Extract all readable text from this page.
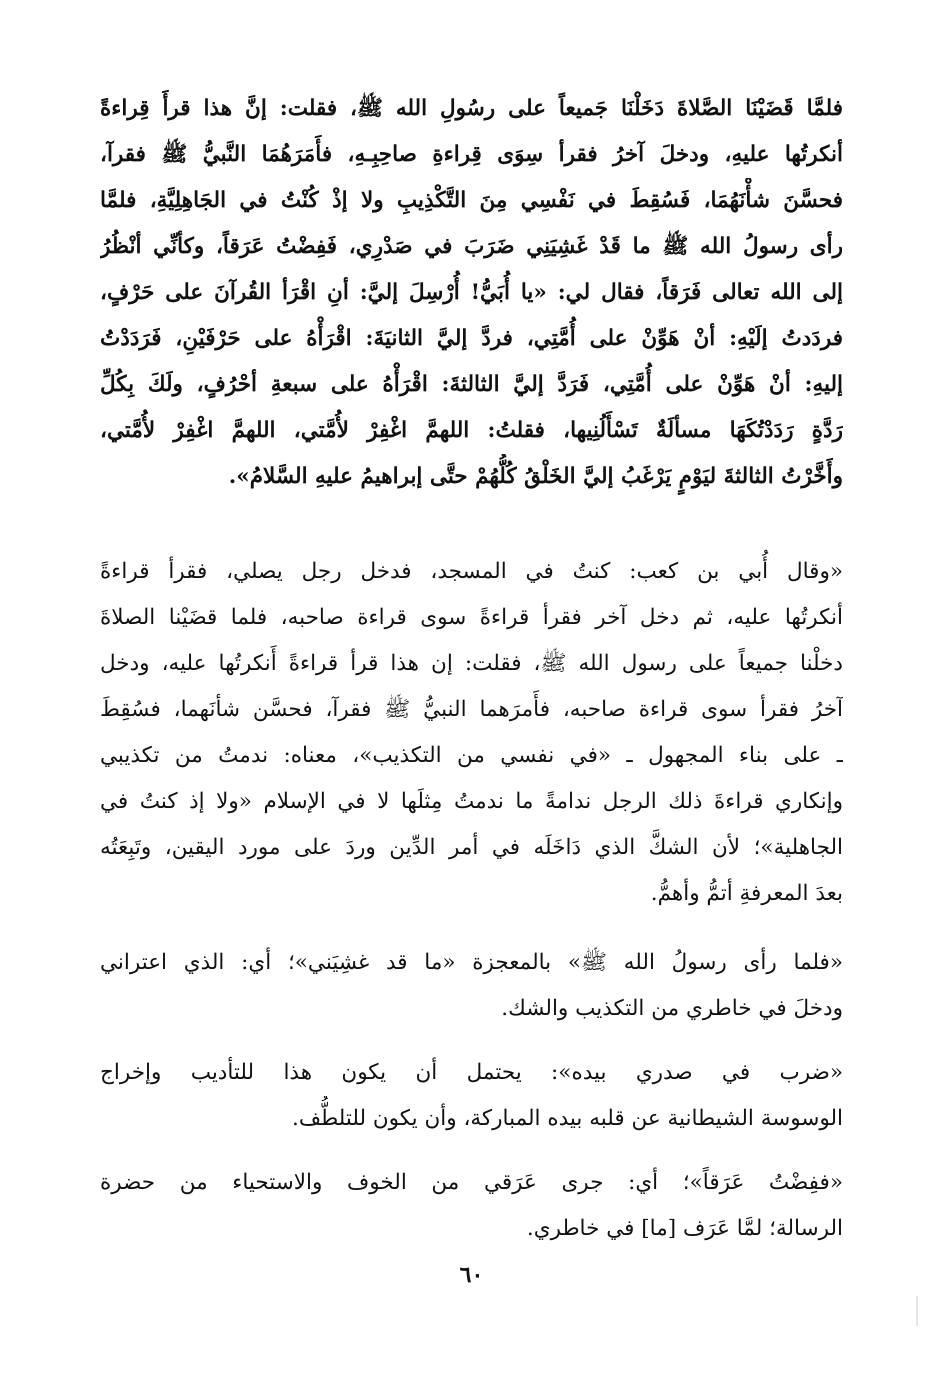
فلمَّا قَضَيْنَا الصَّلاةَ دَخَلْنَا جَميعاً على رسُولِ الله ﷺ، فقلت: إنَّ هذا قرأَ قِراءةً
أنكرتُها عليهِ، ودخلَ آخرُ فقرأ سِوَى قِراءةِ صاحِبِـهِ، فأَمَرَهُمَا النَّبيُّ ﷺ فقرآ،
فحسَّنَ شأْنَهُمَا، فَسُقِطَ في نَفْسِي مِنَ التَّكْذِيبِ ولا إذْ كُنْتُ في الجَاهِلِيَّةِ، فلمَّا
رأى رسولُ الله ﷺ ما قَدْ غَشِيَنِي ضَرَبَ في صَدْرِي، فَفِضْتُ عَرَقاً، وكأنِّي أنْظُرُ
إلى الله تعالى فَرَقاً، فقال لي: «يا أُبَيُّ! أُرْسِلَ إليَّ: أنِ اقْرَأ القُرآنَ على حَرْفٍ،
فردَدتُ إلَيْهِ: أنْ هَوِّنْ على أُمَّتِي، فردَّ إليَّ الثانيَةَ: اقْرَأْهُ على حَرْفَيْنِ، فَرَدَدْتُ
إليهِ: أنْ هَوِّنْ على أُمَّتِي، فَرَدَّ إليَّ الثالثةَ: اقْرَأْهُ على سبعةِ أحْرُفٍ، ولَكَ بِكُلِّ
رَدَّةٍ رَدَدْتُكَهَا مسألَةٌ تَسْأَلُنِيها، فقلتُ: اللهمَّ اغْفِرْ لأُمَّتي، اللهمَّ اغْفِرْ لأُمَّتي،
وأَخَّرْتُ الثالثةَ ليَوْمٍ يَرْغَبُ إليَّ الخَلْقُ كُلُّهُمْ حتَّى إبراهيمُ عليهِ السَّلامُ».
«وقال أُبي بن كعب: كنتُ في المسجد، فدخل رجل يصلي، فقرأ قراءةً
أنكرتُها عليه، ثم دخل آخر فقرأ قراءةً سوى قراءة صاحبه، فلما قضَيْنا الصلاةَ
دخلْنا جميعاً على رسول الله ﷺ، فقلت: إن هذا قرأ قراءةً أَنكرتُها عليه، ودخل
آخرُ فقرأ سوى قراءة صاحبه، فأَمرَهما النبيُّ ﷺ فقرآ، فحسَّن شأنَهما، فسُقِطَ
ـ على بناء المجهول ـ «في نفسي من التكذيب»، معناه: ندمتُ من تكذيبي
وإنكاري قراءةَ ذلك الرجل ندامةً ما ندمتُ مِثلَها لا في الإسلام «ولا إذ كنتُ في
الجاهلية»؛ لأن الشكَّ الذي دَاخَلَه في أمر الدِّين وردَ على مورد اليقين، وتَبِعَتُه
بعدَ المعرفةِ أتمُّ وأهمُّ.
«فلما رأى رسولُ الله ﷺ» بالمعجزة «ما قد غشِيَني»؛ أي: الذي اعتراني
ودخلَ في خاطري من التكذيب والشك.
«ضرب في صدري بيده»: يحتمل أن يكون هذا للتأديب وإخراج
الوسوسة الشيطانية عن قلبه بيده المباركة، وأن يكون للتلطُّف.
«ففِضْتُ عَرَقاً»؛ أي: جرى عَرَقي من الخوف والاستحياء من حضرة
الرسالة؛ لمَّا عَرَف [ما] في خاطري.
٦٠
